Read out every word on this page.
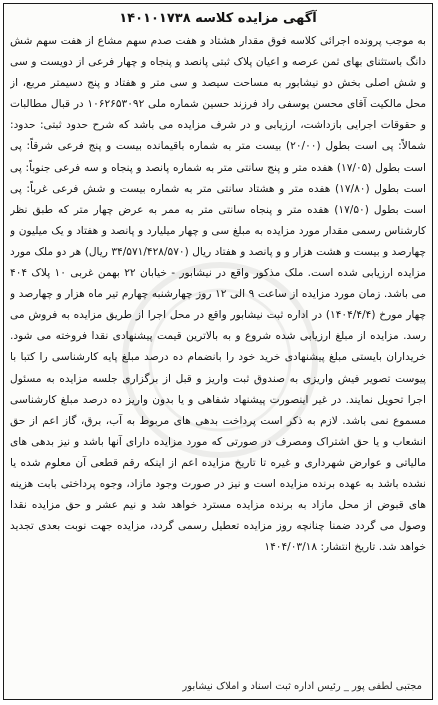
آگهی مزایده کلاسه ۱۴۰۱۰۱۷۳۸

به موجب پرونده اجرائی کلاسه فوق مقدار هشتاد و هفت صدم سهم مشاع از هفت سهم شش دانگ باستثنای بهای ثمن عرصه و اعیان پلاک ثبتی پانصد و پنجاه و چهار فرعی از دویست و سی و شش اصلی بخش دو نیشابور به مساحت سیصد و سی متر و هفتاد و پنج دسیمتر مربع، از محل مالکیت آقای محسن یوسفی راد فرزند حسین شماره ملی ۱۰۶۲۶۵۳۰۹۲ در قبال مطالبات و حقوقات اجرایی بازداشت، ارزیابی و در شرف مزایده می باشد که شرح حدود ثبتی: حدود: شمالاً: پی است بطول (۲۰/۰۰) بیست متر به شماره باقیمانده بیست و پنج فرعی شرقاً: پی است بطول (۱۷/۰۵) هفده متر و پنج سانتی متر به شماره پانصد و پنجاه و سه فرعی جنوباً: پی است بطول (۱۷/۸۰) هفده متر و هشتاد سانتی متر به شماره بیست و شش فرعی غرباً: پی است بطول (۱۷/۵۰) هفده متر و پنجاه سانتی متر به ممر به عرض چهار متر که طبق نظر کارشناس رسمی مقدار مورد مزایده به مبلغ سی و چهار میلیارد و پانصد و هفتاد و یک میلیون و چهارصد و بیست و هشت هزار و و پانصد و هفتاد ریال (۳۴/۵۷۱/۴۲۸/۵۷۰ ریال) هر دو ملک مورد مزایده ارزیابی شده است. ملک مذکور واقع در نیشابور - خیابان ۲۲ بهمن غربی ۱۰ پلاک ۴۰۴ می باشد. زمان مورد مزایده از ساعت ۹ الی ۱۲ روز چهارشنبه چهارم تیر ماه هزار و چهارصد و چهار مورخ (۱۴۰۴/۴/۴) در اداره ثبت نیشابور واقع در محل اجرا از طریق مزایده به فروش می رسد. مزایده از مبلغ ارزیابی شده شروع و به بالاترین قیمت پیشنهادی نقدا فروخته می شود. خریداران بایستی مبلغ پیشنهادی خرید خود را بانضمام ده درصد مبلغ پایه کارشناسی را کتبا با پیوست تصویر فیش واریزی به صندوق ثبت واریز و قبل از برگزاری جلسه مزایده به مسئول اجرا تحویل نمایند. در غیر اینصورت پیشنهاد شفاهی و یا بدون واریز ده درصد مبلغ کارشناسی مسموع نمی باشد. لازم به ذکر است پرداخت بدهی های مربوط به آب، برق، گاز اعم از حق انشعاب و یا حق اشتراک ومصرف در صورتی که مورد مزایده دارای آنها باشد و نیز بدهی های مالیاتی و عوارض شهرداری و غیره تا تاریخ مزایده اعم از اینکه رقم قطعی آن معلوم شده یا نشده باشد به عهده برنده مزایده است و نیز در صورت وجود مازاد، وجوه پرداختی بابت هزینه های قبوض از محل مازاد به برنده مزایده مسترد خواهد شد و نیم عشر و حق مزایده نقدا وصول می گردد ضمنا چنانچه روز مزایده تعطیل رسمی گردد، مزایده جهت نوبت بعدی تجدید خواهد شد. تاریخ انتشار: ۱۴۰۴/۰۳/۱۸

مجتبی لطفی پور _ رئیس اداره ثبت اسناد و املاک نیشابور
